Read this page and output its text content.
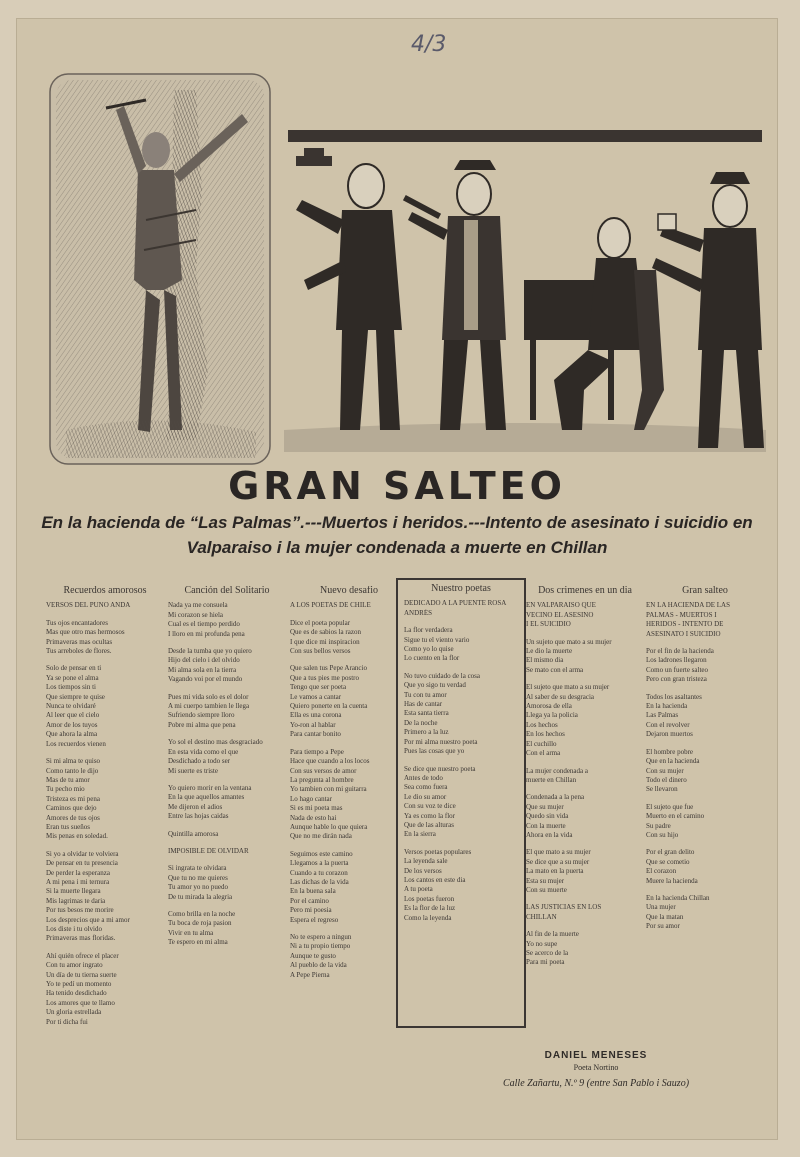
4/3
GRAN SALTEO
En la hacienda de “Las Palmas”.---Muertos i heridos.---Intento de asesinato i suicidio en Valparaiso i la mujer condenada a muerte en Chillan
Recuerdos amorosos
VERSOS DEL PUNO ANDA
Tus ojos encantadores
Mas que otro mas hermosos
Primaveras mas ocultas
Tus arreboles de flores.
Solo de pensar en ti
Ya se pone el alma
Los tiempos sin ti
Que siempre te quise
Nunca te olvidaré
Al leer que el cielo
Amor de los tuyos
Que ahora la alma
Los recuerdos vienen
Si mi alma te quiso
Como tanto le dijo
Mas de tu amor
Tu pecho mio
Tristeza es mi pena
Caminos que dejo
Amores de tus ojos
Eran tus sueños
Mis penas en soledad.
Si yo a olvidar te volviera
De pensar en tu presencia
De perder la esperanza
A mi pena i mi ternura
Si la muerte llegara
Mis lagrimas te daria
Por tus besos me morire
Los desprecios que a mi amor
Los diste i tu olvido
Primaveras mas floridas.
Ahí quién ofrece el placer
Con tu amor ingrato
Un día de tu tierna suerte
Yo te pedí un momento
Ha tenido desdichado
Los amores que te llamo
Un gloria estrellada
Por ti dicha fui
Canción del Solitario
Nada ya me consuela
Mi corazon se hiela
Cual es el tiempo perdido
I lloro en mi profunda pena
Desde la tumba que yo quiero
Hijo del cielo i del olvido
Mi alma sola en la tierra
Vagando voi por el mundo
Pues mi vida solo es el dolor
A mi cuerpo tambien le llega
Sufriendo siempre lloro
Pobre mi alma que pena
Yo sol el destino mas desgraciado
En esta vida como el que
Desdichado a todo ser
Mi suerte es triste
Yo quiero morir en la ventana
En la que aquellos amantes
Me dijeron el adios
Entre las hojas caidas
Quintilla amorosa
IMPOSIBLE DE OLVIDAR
Si ingrata te olvidara
Que tu no me quieres
Tu amor yo no puedo
De tu mirada la alegria
Como brilla en la noche
Tu boca de roja pasion
Vivir en tu alma
Te espero en mi alma
Nuevo desafio
A LOS POETAS DE CHILE
Dice el poeta popular
Que es de sabios la razon
I que dice mi inspiracion
Con sus bellos versos
Que salen tus Pepe Arancio
Que a tus pies me postro
Tengo que ser poeta
Le vamos a cantar
Quiero ponerte en la cuenta
Ella es una corona
Yo-ron al hablar
Para cantar bonito
Para tiempo a Pepe
Hace que cuando a los locos
Con sus versos de amor
La pregunta al hombre
Yo tambien con mi guitarra
Lo hago cantar
Si es mi poeta mas
Nada de esto hai
Aunque hable lo que quiera
Que no me dirán nada
Seguimos este camino
Llegamos a la puerta
Cuando a tu corazon
Las dichas de la vida
En la buena sala
Por el camino
Pero mi poesia
Espera el regreso
No te espero a ningun
Ni a tu propio tiempo
Aunque te gusto
Al pueblo de la vida
A Pepe Pierna
Nuestro poetas
DEDICADO A LA PUENTE ROSA
ANDRÉS
La flor verdadera
Sigue tu el viento vario
Como yo lo quise
Lo cuento en la flor
No tuvo cuidado de la cosa
Que yo sigo tu verdad
Tu con tu amor
Has de cantar
Esta santa tierra
De la noche
Primero a la luz
Por mi alma nuestro poeta
Pues las cosas que yo
Se dice que nuestro poeta
Antes de todo
Sea como fuera
Le dio su amor
Con su voz te dice
Ya es como la flor
Que de las alturas
En la sierra
Versos poetas populares
La leyenda sale
De los versos
Los cantos en este dia
A tu poeta
Los poetas fueron
Es la flor de la luz
Como la leyenda
Dos crimenes en un dia
EN VALPARAISO QUE
VECINO EL ASESINO
I EL SUICIDIO
Un sujeto que mato a su mujer
Le dio la muerte
El mismo dia
Se mato con el arma
El sujeto que mato a su mujer
Al saber de su desgracia
Amorosa de ella
Llega ya la policia
Los hechos
En los hechos
El cuchillo
Con el arma
La mujer condenada a
muerte en Chillan
Condenada a la pena
Que su mujer
Quedo sin vida
Con la muerte
Ahora en la vida
El que mato a su mujer
Se dice que a su mujer
La mato en la puerta
Esta su mujer
Con su muerte
LAS JUSTICIAS EN LOS
CHILLAN
Al fin de la muerte
Yo no supe
Se acerco de la
Para mi poeta
Gran salteo
EN LA HACIENDA DE LAS
PALMAS - MUERTOS I
HERIDOS - INTENTO DE
ASESINATO I SUICIDIO
Por el fin de la hacienda
Los ladrones llegaron
Como un fuerte salteo
Pero con gran tristeza
Todos los asaltantes
En la hacienda
Las Palmas
Con el revolver
Dejaron muertos
El hombre pobre
Que en la hacienda
Con su mujer
Todo el dinero
Se llevaron
El sujeto que fue
Muerto en el camino
Su padre
Con su hijo
Por el gran delito
Que se cometio
El corazon
Muere la hacienda
En la hacienda Chillan
Una mujer
Que la matan
Por su amor
DANIEL MENESES
Poeta Nortino
Calle Zañartu, N.º 9 (entre San Pablo i Sauzo)
